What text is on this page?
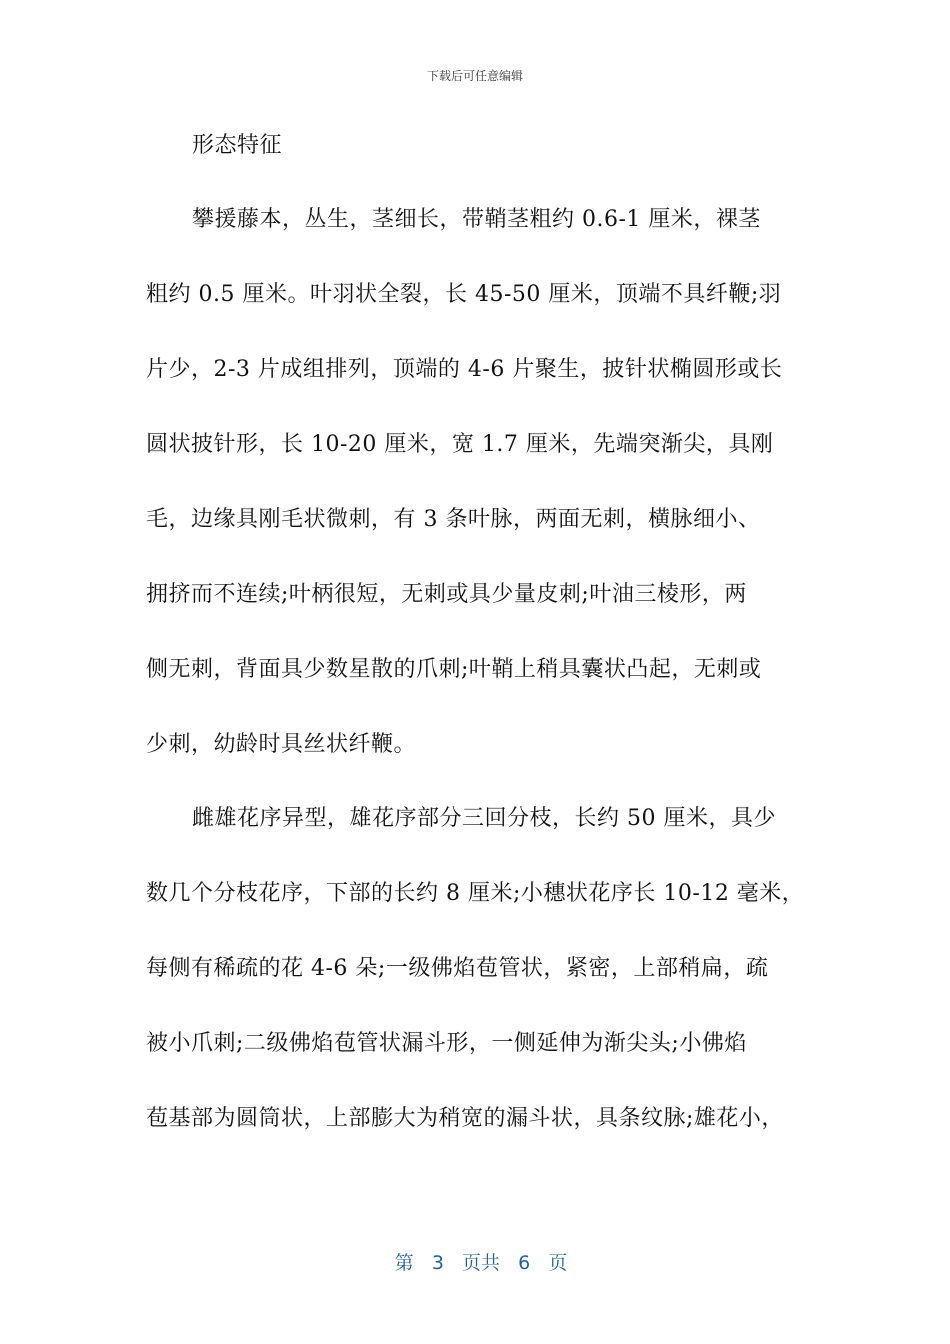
下载后可任意编辑
形态特征
攀援藤本，丛生，茎细长，带鞘茎粗约 0.6-1 厘米，裸茎
粗约 0.5 厘米。叶羽状全裂，长 45-50 厘米，顶端不具纤鞭;羽
片少，2-3 片成组排列，顶端的 4-6 片聚生，披针状椭圆形或长
圆状披针形，长 10-20 厘米，宽 1.7 厘米，先端突渐尖，具刚
毛，边缘具刚毛状微刺，有 3 条叶脉，两面无刺，横脉细小、
拥挤而不连续;叶柄很短，无刺或具少量皮刺;叶油三棱形，两
侧无刺，背面具少数星散的爪刺;叶鞘上稍具囊状凸起，无刺或
少刺，幼龄时具丝状纤鞭。
雌雄花序异型，雄花序部分三回分枝，长约 50 厘米，具少
数几个分枝花序，下部的长约 8 厘米;小穗状花序长 10-12 毫米，
每侧有稀疏的花 4-6 朵;一级佛焰苞管状，紧密，上部稍扁，疏
被小爪刺;二级佛焰苞管状漏斗形，一侧延伸为渐尖头;小佛焰
苞基部为圆筒状，上部膨大为稍宽的漏斗状，具条纹脉;雄花小，

第 3 页共 6 页
